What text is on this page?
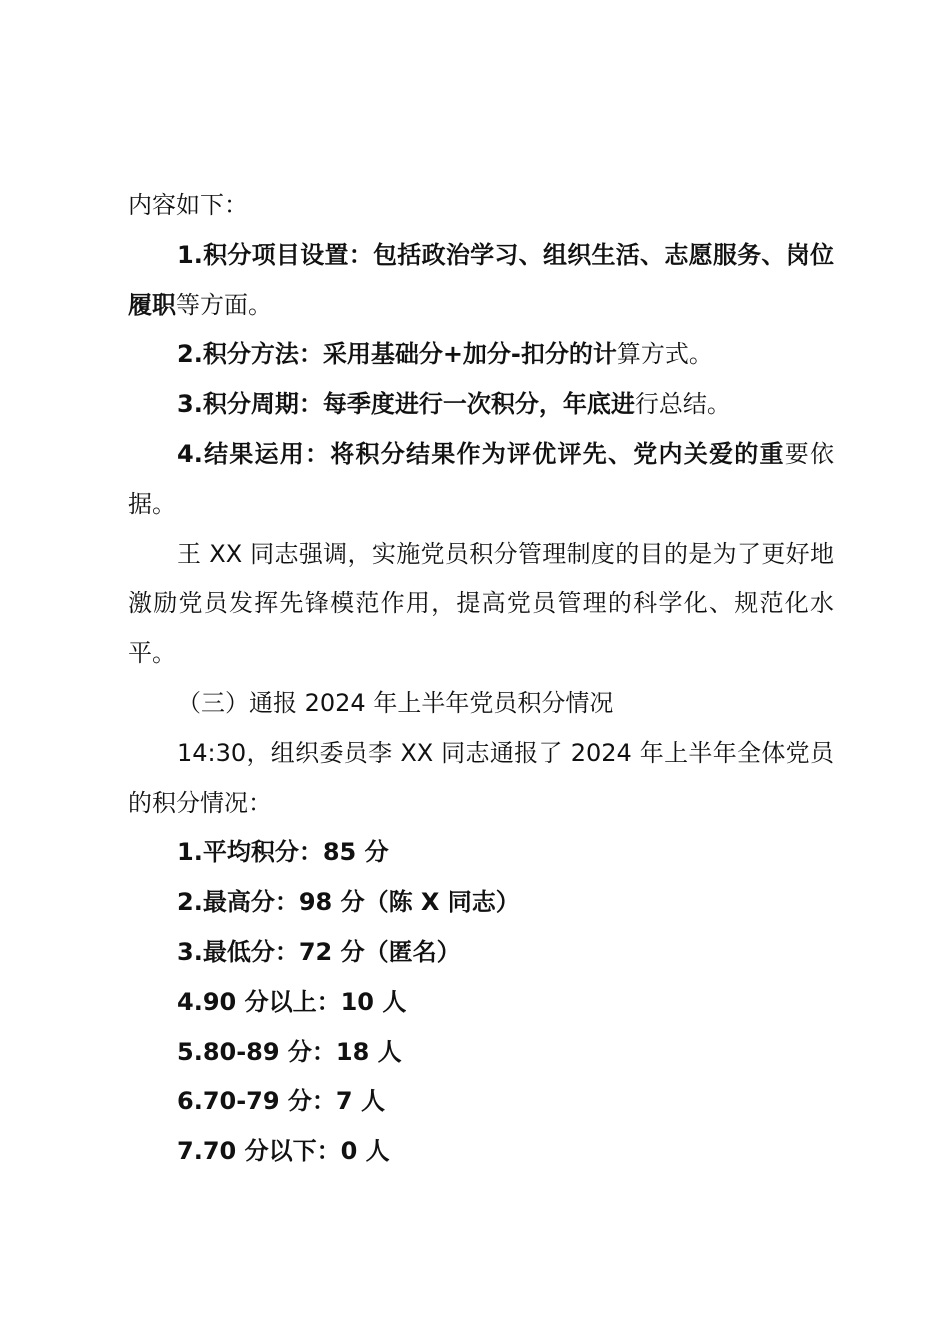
内容如下：

1.积分项目设置：包括政治学习、组织生活、志愿服务、岗位履职等方面。

2.积分方法：采用基础分+加分-扣分的计算方式。

3.积分周期：每季度进行一次积分，年底进行总结。

4.结果运用：将积分结果作为评优评先、党内关爱的重要依据。

王 XX 同志强调，实施党员积分管理制度的目的是为了更好地激励党员发挥先锋模范作用，提高党员管理的科学化、规范化水平。

（三）通报 2024 年上半年党员积分情况

14:30，组织委员李 XX 同志通报了 2024 年上半年全体党员的积分情况：

1.平均积分：85 分

2.最高分：98 分（陈 X 同志）

3.最低分：72 分（匿名）

4.90 分以上：10 人

5.80-89 分：18 人

6.70-79 分：7 人

7.70 分以下：0 人
